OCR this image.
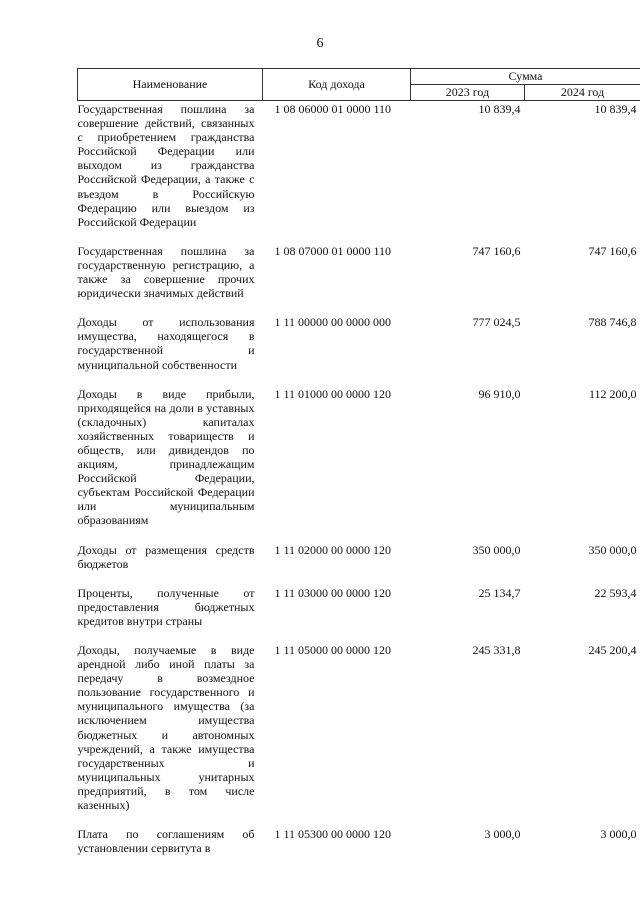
6
Наименование	Код дохода	Сумма	
		2023 год	2024 год
Государственная пошлина за совершение действий, связанных с приобретением гражданства Российской Федерации или выходом из гражданства Российской Федерации, а также с въездом в Российскую Федерацию или выездом из Российской Федерации	1 08 06000 01 0000 110	10 839,4	10 839,4
Государственная пошлина за государственную регистрацию, а также за совершение прочих юридически значимых действий	1 08 07000 01 0000 110	747 160,6	747 160,6
Доходы от использования имущества, находящегося в государственной и муниципальной собственности	1 11 00000 00 0000 000	777 024,5	788 746,8
Доходы в виде прибыли, приходящейся на доли в уставных (складочных) капиталах хозяйственных товариществ и обществ, или дивидендов по акциям, принадлежащим Российской Федерации, субъектам Российской Федерации или муниципальным образованиям	1 11 01000 00 0000 120	96 910,0	112 200,0
Доходы от размещения средств бюджетов	1 11 02000 00 0000 120	350 000,0	350 000,0
Проценты, полученные от предоставления бюджетных кредитов внутри страны	1 11 03000 00 0000 120	25 134,7	22 593,4
Доходы, получаемые в виде арендной либо иной платы за передачу в возмездное пользование государственного и муниципального имущества (за исключением имущества бюджетных и автономных учреждений, а также имущества государственных и муниципальных унитарных предприятий, в том числе казенных)	1 11 05000 00 0000 120	245 331,8	245 200,4
Плата по соглашениям об установлении сервитута в	1 11 05300 00 0000 120	3 000,0	3 000,0
